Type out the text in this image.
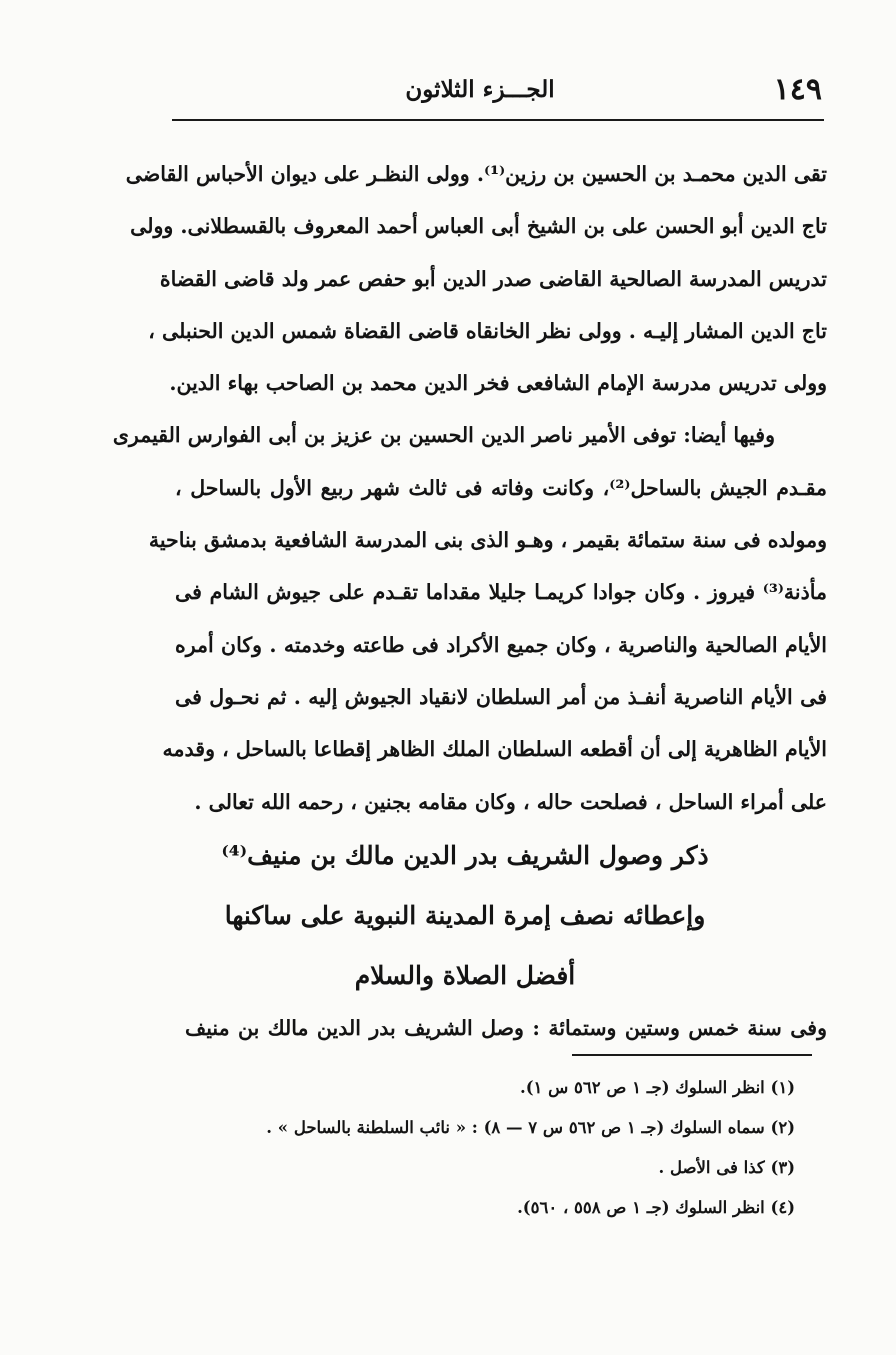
١٤٩
الجـــزء الثلاثون
تقى الدين محمـد بن الحسين بن رزين⁽¹⁾. وولى النظـر على ديوان الأحباس القاضى
تاج الدين أبو الحسن على بن الشيخ أبى العباس أحمد المعروف بالقسطلانى. وولى
تدريس المدرسة الصالحية القاضى صدر الدين أبو حفص عمر ولد قاضى القضاة
تاج الدين المشار إليـه . وولى نظر الخانقاه قاضى القضاة شمس الدين الحنبلى ،
وولى تدريس مدرسة الإمام الشافعى فخر الدين محمد بن الصاحب بهاء الدين.
وفيها أيضا: توفى الأمير ناصر الدين الحسين بن عزيز بن أبى الفوارس القيمرى
مقـدم الجيش بالساحل⁽²⁾، وكانت وفاته فى ثالث شهر ربيع الأول بالساحل ،
ومولده فى سنة ستمائة بقيمر ، وهـو الذى بنى المدرسة الشافعية بدمشق بناحية
مأذنة⁽³⁾ فيروز . وكان جوادا كريمـا جليلا مقداما تقـدم على جيوش الشام فى
الأيام الصالحية والناصرية ، وكان جميع الأكراد فى طاعته وخدمته . وكان أمره
فى الأيام الناصرية أنفـذ من أمر السلطان لانقياد الجيوش إليه . ثم نحـول فى
الأيام الظاهرية إلى أن أقطعه السلطان الملك الظاهر إقطاعا بالساحل ، وقدمه
على أمراء الساحل ، فصلحت حاله ، وكان مقامه بجنين ، رحمه الله تعالى .
ذكر وصول الشريف بدر الدين مالك بن منيف⁽⁴⁾
وإعطائه نصف إمرة المدينة النبوية على ساكنها
أفضل الصلاة والسلام
وفى سنة خمس وستين وستمائة : وصل الشريف بدر الدين مالك بن منيف
(١) انظر السلوك (جـ ١ ص ٥٦٢ س ١).
(٢) سماه السلوك (جـ ١ ص ٥٦٢ س ٧ — ٨) : « نائب السلطنة بالساحل » .
(٣) كذا فى الأصل .
(٤) انظر السلوك (جـ ١ ص ٥٥٨ ، ٥٦٠).
